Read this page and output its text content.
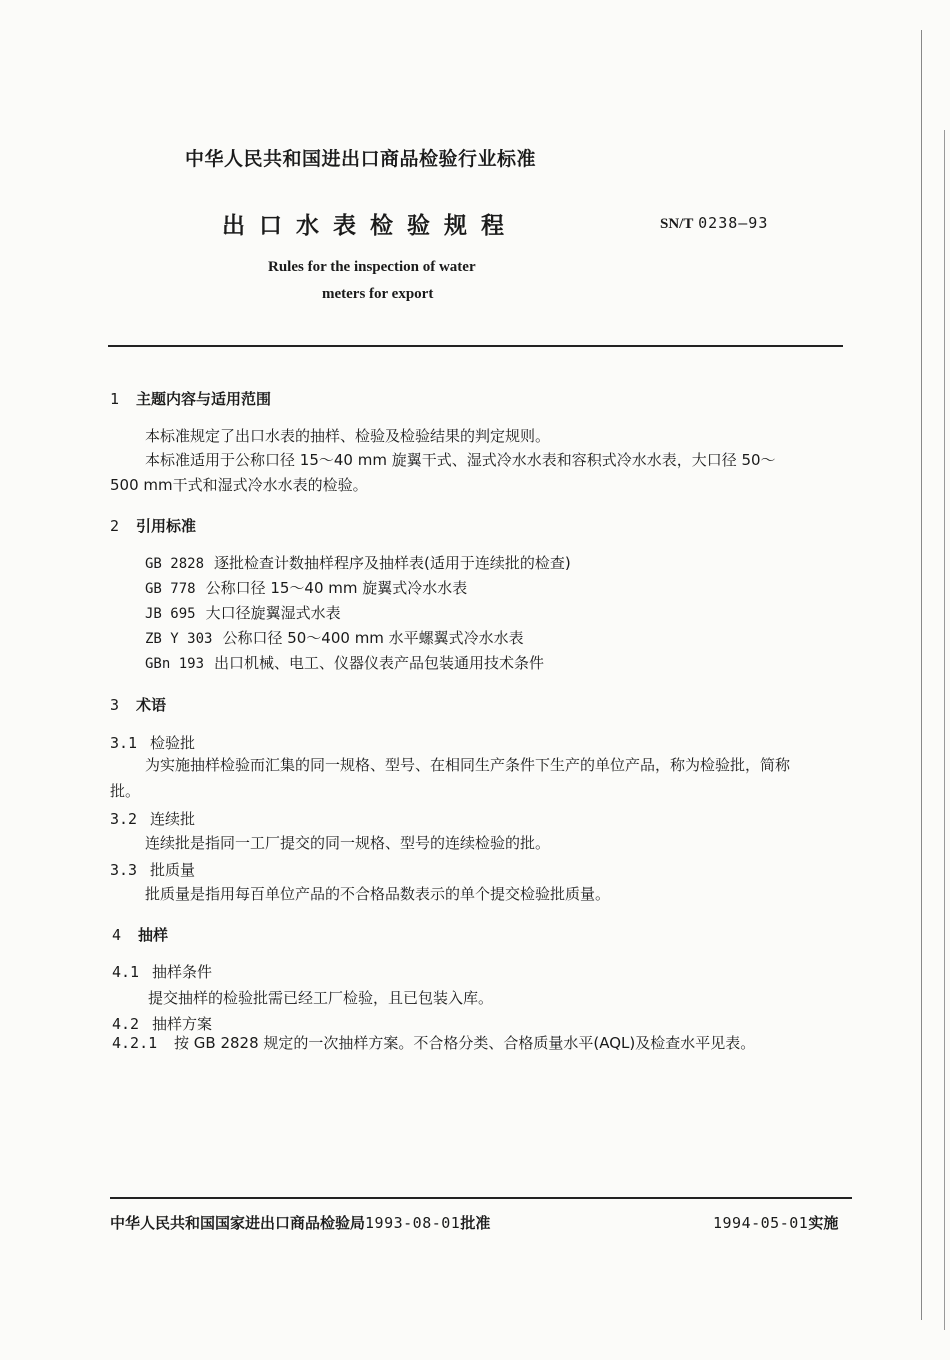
中华人民共和国进出口商品检验行业标准
出口水表检验规程	SN/T 0238—93
Rules for the inspection of water
meters for export
1 主题内容与适用范围
本标准规定了出口水表的抽样、检验及检验结果的判定规则。
本标准适用于公称口径 15～40 mm 旋翼干式、湿式冷水水表和容积式冷水水表，大口径 50～
500 mm干式和湿式冷水水表的检验。
2 引用标准
GB 2828 逐批检查计数抽样程序及抽样表(适用于连续批的检查)
GB 778 公称口径 15～40 mm 旋翼式冷水水表
JB 695 大口径旋翼湿式水表
ZB Y 303 公称口径 50～400 mm 水平螺翼式冷水水表
GBn 193 出口机械、电工、仪器仪表产品包装通用技术条件
3 术语
3.1 检验批
为实施抽样检验而汇集的同一规格、型号、在相同生产条件下生产的单位产品，称为检验批，简称
批。
3.2 连续批
连续批是指同一工厂提交的同一规格、型号的连续检验的批。
3.3 批质量
批质量是指用每百单位产品的不合格品数表示的单个提交检验批质量。
4 抽样
4.1 抽样条件
提交抽样的检验批需已经工厂检验，且已包装入库。
4.2 抽样方案
4.2.1 按 GB 2828 规定的一次抽样方案。不合格分类、合格质量水平(AQL)及检查水平见表。
中华人民共和国国家进出口商品检验局1993-08-01批准	1994-05-01实施
